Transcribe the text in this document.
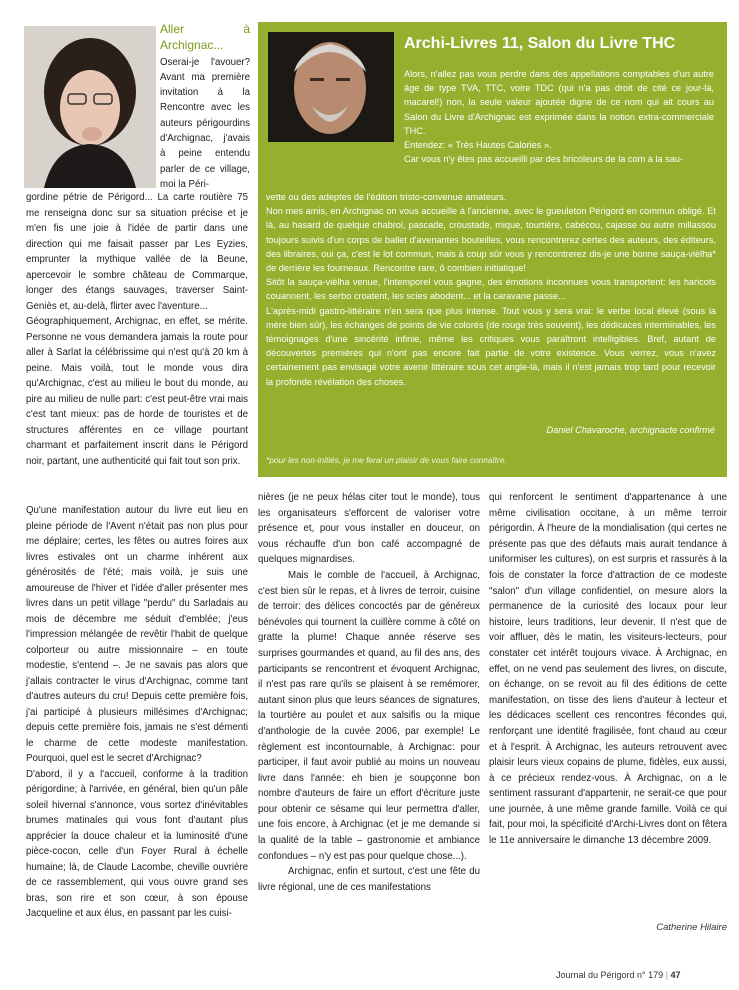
Aller à Archignac... Oserai-je l'avouer? Avant ma première invitation à la Rencontre avec les auteurs périgourdins d'Archignac, j'avais à peine entendu parler de ce village, moi la Péri-

gordine pétrie de Périgord... La carte routière 75 me renseigna donc sur sa situation précise et je m'en fis une joie à l'idée de partir dans une direction qui me faisait passer par Les Eyzies, emprunter la mythique vallée de la Beune, apercevoir le sombre château de Commarque, longer des étangs sauvages, traverser Saint-Geniès et, au-delà, flirter avec l'aventure...

Géographiquement, Archignac, en effet, se mérite. Personne ne vous demandera jamais la route pour aller à Sarlat la célébrissime qui n'est qu'à 20 km à peine. Mais voilà, tout le monde vous dira qu'Archignac, c'est au milieu le bout du monde, au pire au milieu de nulle part: c'est peut-être vrai mais c'est tant mieux: pas de horde de touristes et de structures afférentes en ce village pourtant charmant et parfaitement inscrit dans le Périgord noir, partant, une authenticité qui fait tout son prix.

Qu'une manifestation autour du livre eut lieu en pleine période de l'Avent n'était pas non plus pour me déplaire; certes, les fêtes ou autres foires aux livres estivales ont un charme inhérent aux générosités de l'été; mais voilà, je suis une amoureuse de l'hiver et l'idée d'aller présenter mes livres dans un petit village "perdu" du Sarladais au mois de décembre me séduit d'emblée; j'eus l'impression mélangée de revêtir l'habit de quelque colporteur ou autre missionnaire – en toute modestie, s'entend –. Je ne savais pas alors que j'allais contracter le virus d'Archignac, comme tant d'autres auteurs du cru! Depuis cette première fois, j'ai participé à plusieurs millésimes d'Archignac; depuis cette première fois, jamais ne s'est démenti le charme de cette modeste manifestation. Pourquoi, quel est le secret d'Archignac?

D'abord, il y a l'accueil, conforme à la tradition périgordine; à l'arrivée, en général, bien qu'un pâle soleil hivernal s'annonce, vous sortez d'inévitables brumes matinales qui vous font d'autant plus apprécier la douce chaleur et la luminosité d'une pièce-cocon, celle d'un Foyer Rural à échelle humaine; là, de Claude Lacombe, cheville ouvrière de ce rassemblement, qui vous ouvre grand ses bras, son rire et son cœur, à son épouse Jacqueline et aux élus, en passant par les cuisi-

Archi-Livres 11, Salon du Livre THC

Alors, n'allez pas vous perdre dans des appellations comptables d'un autre âge de type TVA, TTC, voire TDC (qui n'a pas droit de cité ce jour-là, macarel!) non, la seule valeur ajoutée digne de ce nom qui ait cours au Salon du Livre d'Archignac est exprimée dans la notion extra-commerciale THC.

Entendez: « Très Hautes Calories ».

Car vous n'y êtes pas accueilli par des bricoleurs de la com à la sau-

vette ou des adeptes de l'édition tristo-convenue amateurs.

Non mes amis, en Archignac on vous accueille à l'ancienne, avec le gueuleton Périgord en commun obligé. Et là, au hasard de quelque chabrol, pascade, croustade, mique, tourtière, cabécou, cajasse ou autre millassou toujours suivis d'un corps de ballet d'avenantes bouteilles, vous rencontrerez certes des auteurs, des éditeurs, des libraires, oui ça, c'est le lot commun, mais à coup sûr vous y rencontrerez dis-je une bonne sauça-vièlha* de derrière les fourneaux. Rencontre rare, ô combien initiatique!

Sitôt la sauça-vièlha venue, l'intemporel vous gagne, des émotions inconnues vous transportent: les haricots couannent, les serbo croatent, les scies abodent... et la caravane passe...

L'après-midi gastro-littéraire n'en sera que plus intense. Tout vous y sera vrai: le verbe local élevé (sous la mère bien sûr), les échanges de points de vie colorés (de rouge très souvent), les dédicaces interminables, les témoignages d'une sincérité infinie, même les critiques vous paraîtront intelligibles. Bref, autant de découvertes premières qui n'ont pas encore fait partie de votre existence. Vous verrez, vous n'avez certainement pas envisagé votre avenir littéraire sous cet angle-là, mais il n'est jamais trop tard pour recevoir la profonde révélation des choses.

Daniel Chavaroche, archignacte confirmé
*pour les non-initiés, je me ferai un plaisir de vous faire connaître.

nières (je ne peux hélas citer tout le monde), tous les organisateurs s'efforcent de valoriser votre présence et, pour vous installer en douceur, on vous réchauffe d'un bon café accompagné de quelques mignardises.

Mais le comble de l'accueil, à Archignac, c'est bien sûr le repas, et à livres de terroir, cuisine de terroir: des délices concoctés par de généreux bénévoles qui tournent la cuillère comme à côté on gratte la plume! Chaque année réserve ses surprises gourmandes et quand, au fil des ans, des participants se rencontrent et évoquent Archignac, il n'est pas rare qu'ils se plaisent à se remémorer, autant sinon plus que leurs séances de signatures, la tourtière au poulet et aux salsifis ou la mique d'anthologie de la cuvée 2006, par exemple! Le règlement est incontournable, à Archignac: pour participer, il faut avoir publié au moins un nouveau livre dans l'année: eh bien je soupçonne bon nombre d'auteurs de faire un effort d'écriture juste pour obtenir ce sésame qui leur permettra d'aller, une fois encore, à Archignac (et je me demande si la qualité de la table – gastronomie et ambiance confondues – n'y est pas pour quelque chose...).

Archignac, enfin et surtout, c'est une fête du livre régional, une de ces manifestations

qui renforcent le sentiment d'appartenance à une même civilisation occitane, à un même terroir périgordin. À l'heure de la mondialisation (qui certes ne présente pas que des défauts mais aurait tendance à uniformiser les cultures), on est surpris et rassurés à la fois de constater la force d'attraction de ce modeste "salon" d'un village confidentiel, on mesure alors la permanence de la curiosité des locaux pour leur histoire, leurs traditions, leur devenir. Il n'est que de voir affluer, dès le matin, les visiteurs-lecteurs, pour constater cet intérêt toujours vivace. À Archignac, en effet, on ne vend pas seulement des livres, on discute, on échange, on se revoit au fil des éditions de cette manifestation, on tisse des liens d'auteur à lecteur et les dédicaces scellent ces rencontres fécondes qui, renforçant une identité fragilisée, font chaud au cœur et à l'esprit. À Archignac, les auteurs retrouvent avec plaisir leurs vieux copains de plume, fidèles, eux aussi, à ce précieux rendez-vous. À Archignac, on a le sentiment rassurant d'appartenir, ne serait-ce que pour une journée, à une même grande famille. Voilà ce qui fait, pour moi, la spécificité d'Archi-Livres dont on fêtera le 11e anniversaire le dimanche 13 décembre 2009.

Catherine Hilaire
Journal du Périgord n° 179 | 47
